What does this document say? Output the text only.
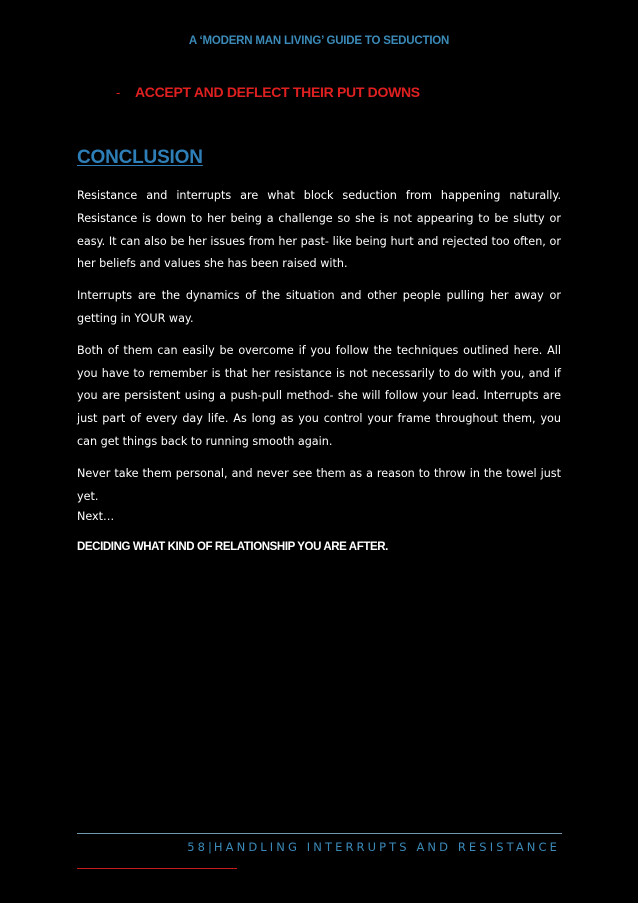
A ‘MODERN MAN LIVING’ GUIDE TO SEDUCTION
-	ACCEPT AND DEFLECT THEIR PUT DOWNS
CONCLUSION

Resistance and interrupts are what block seduction from happening naturally. Resistance is down to her being a challenge so she is not appearing to be slutty or easy. It can also be her issues from her past- like being hurt and rejected too often, or her beliefs and values she has been raised with.

Interrupts are the dynamics of the situation and other people pulling her away or getting in YOUR way.

Both of them can easily be overcome if you follow the techniques outlined here. All you have to remember is that her resistance is not necessarily to do with you, and if you are persistent using a push-pull method- she will follow your lead. Interrupts are just part of every day life. As long as you control your frame throughout them, you can get things back to running smooth again.

Never take them personal, and never see them as a reason to throw in the towel just yet.

Next…
DECIDING WHAT KIND OF RELATIONSHIP YOU ARE AFTER.
58|HANDLING INTERRUPTS AND RESISTANCE
